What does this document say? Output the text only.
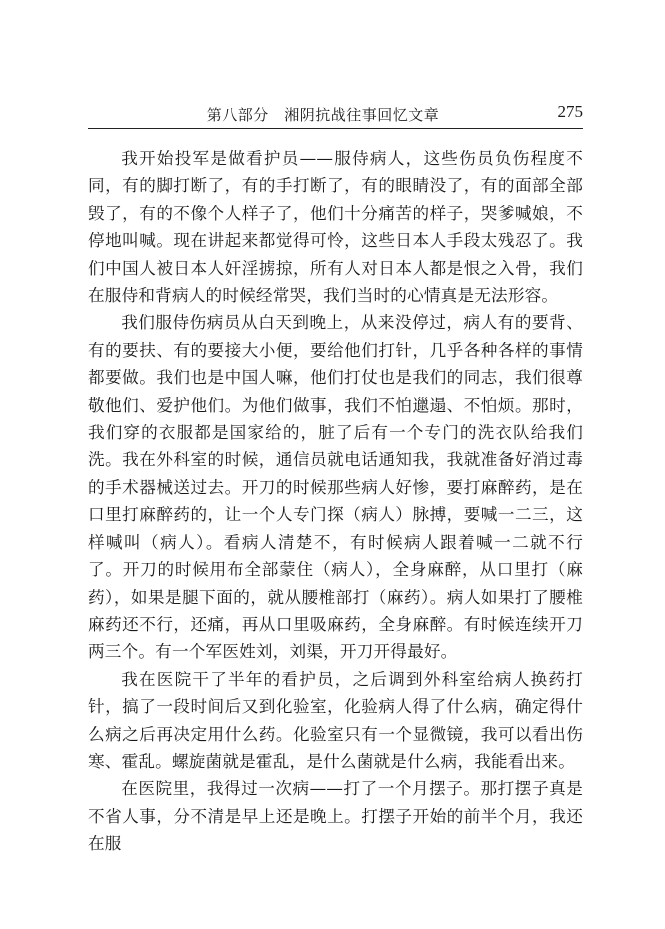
第八部分　湘阴抗战往事回忆文章	275

我开始投军是做看护员——服侍病人，这些伤员负伤程度不同，有的脚打断了，有的手打断了，有的眼睛没了，有的面部全部毁了，有的不像个人样子了，他们十分痛苦的样子，哭爹喊娘，不停地叫喊。现在讲起来都觉得可怜，这些日本人手段太残忍了。我们中国人被日本人奸淫掳掠，所有人对日本人都是恨之入骨，我们在服侍和背病人的时候经常哭，我们当时的心情真是无法形容。

我们服侍伤病员从白天到晚上，从来没停过，病人有的要背、有的要扶、有的要接大小便，要给他们打针，几乎各种各样的事情都要做。我们也是中国人嘛，他们打仗也是我们的同志，我们很尊敬他们、爱护他们。为他们做事，我们不怕邋遢、不怕烦。那时，我们穿的衣服都是国家给的，脏了后有一个专门的洗衣队给我们洗。我在外科室的时候，通信员就电话通知我，我就准备好消过毒的手术器械送过去。开刀的时候那些病人好惨，要打麻醉药，是在口里打麻醉药的，让一个人专门探（病人）脉搏，要喊一二三，这样喊叫（病人）。看病人清楚不，有时候病人跟着喊一二就不行了。开刀的时候用布全部蒙住（病人），全身麻醉，从口里打（麻药），如果是腿下面的，就从腰椎部打（麻药）。病人如果打了腰椎麻药还不行，还痛，再从口里吸麻药，全身麻醉。有时候连续开刀两三个。有一个军医姓刘，刘渠，开刀开得最好。

我在医院干了半年的看护员，之后调到外科室给病人换药打针，搞了一段时间后又到化验室，化验病人得了什么病，确定得什么病之后再决定用什么药。化验室只有一个显微镜，我可以看出伤寒、霍乱。螺旋菌就是霍乱，是什么菌就是什么病，我能看出来。

在医院里，我得过一次病——打了一个月摆子。那打摆子真是不省人事，分不清是早上还是晚上。打摆子开始的前半个月，我还在服
